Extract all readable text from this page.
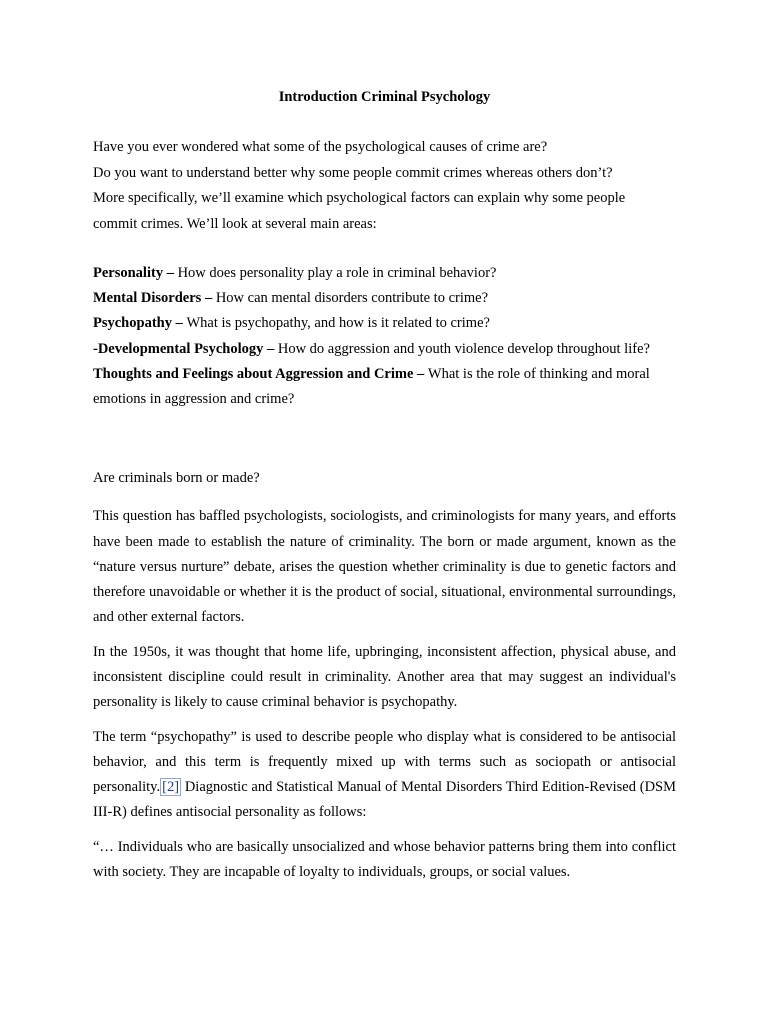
Introduction Criminal Psychology

Have you ever wondered what some of the psychological causes of crime are?

Do you want to understand better why some people commit crimes whereas others don’t?

More specifically, we’ll examine which psychological factors can explain why some people

commit crimes. We’ll look at several main areas:

Personality – How does personality play a role in criminal behavior?

Mental Disorders – How can mental disorders contribute to crime?

Psychopathy – What is psychopathy, and how is it related to crime?

-Developmental Psychology – How do aggression and youth violence develop throughout life?

Thoughts and Feelings about Aggression and Crime – What is the role of thinking and moral emotions in aggression and crime?

Are criminals born or made?

This question has baffled psychologists, sociologists, and criminologists for many years, and efforts have been made to establish the nature of criminality. The born or made argument, known as the “nature versus nurture” debate, arises the question whether criminality is due to genetic factors and therefore unavoidable or whether it is the product of social, situational, environmental surroundings, and other external factors.

In the 1950s, it was thought that home life, upbringing, inconsistent affection, physical abuse, and inconsistent discipline could result in criminality. Another area that may suggest an individual's personality is likely to cause criminal behavior is psychopathy.

The term “psychopathy” is used to describe people who display what is considered to be antisocial behavior, and this term is frequently mixed up with terms such as sociopath or antisocial personality. [2] Diagnostic and Statistical Manual of Mental Disorders Third Edition-Revised (DSM III-R) defines antisocial personality as follows:

“… Individuals who are basically unsocialized and whose behavior patterns bring them into conflict with society. They are incapable of loyalty to individuals, groups, or social values.
